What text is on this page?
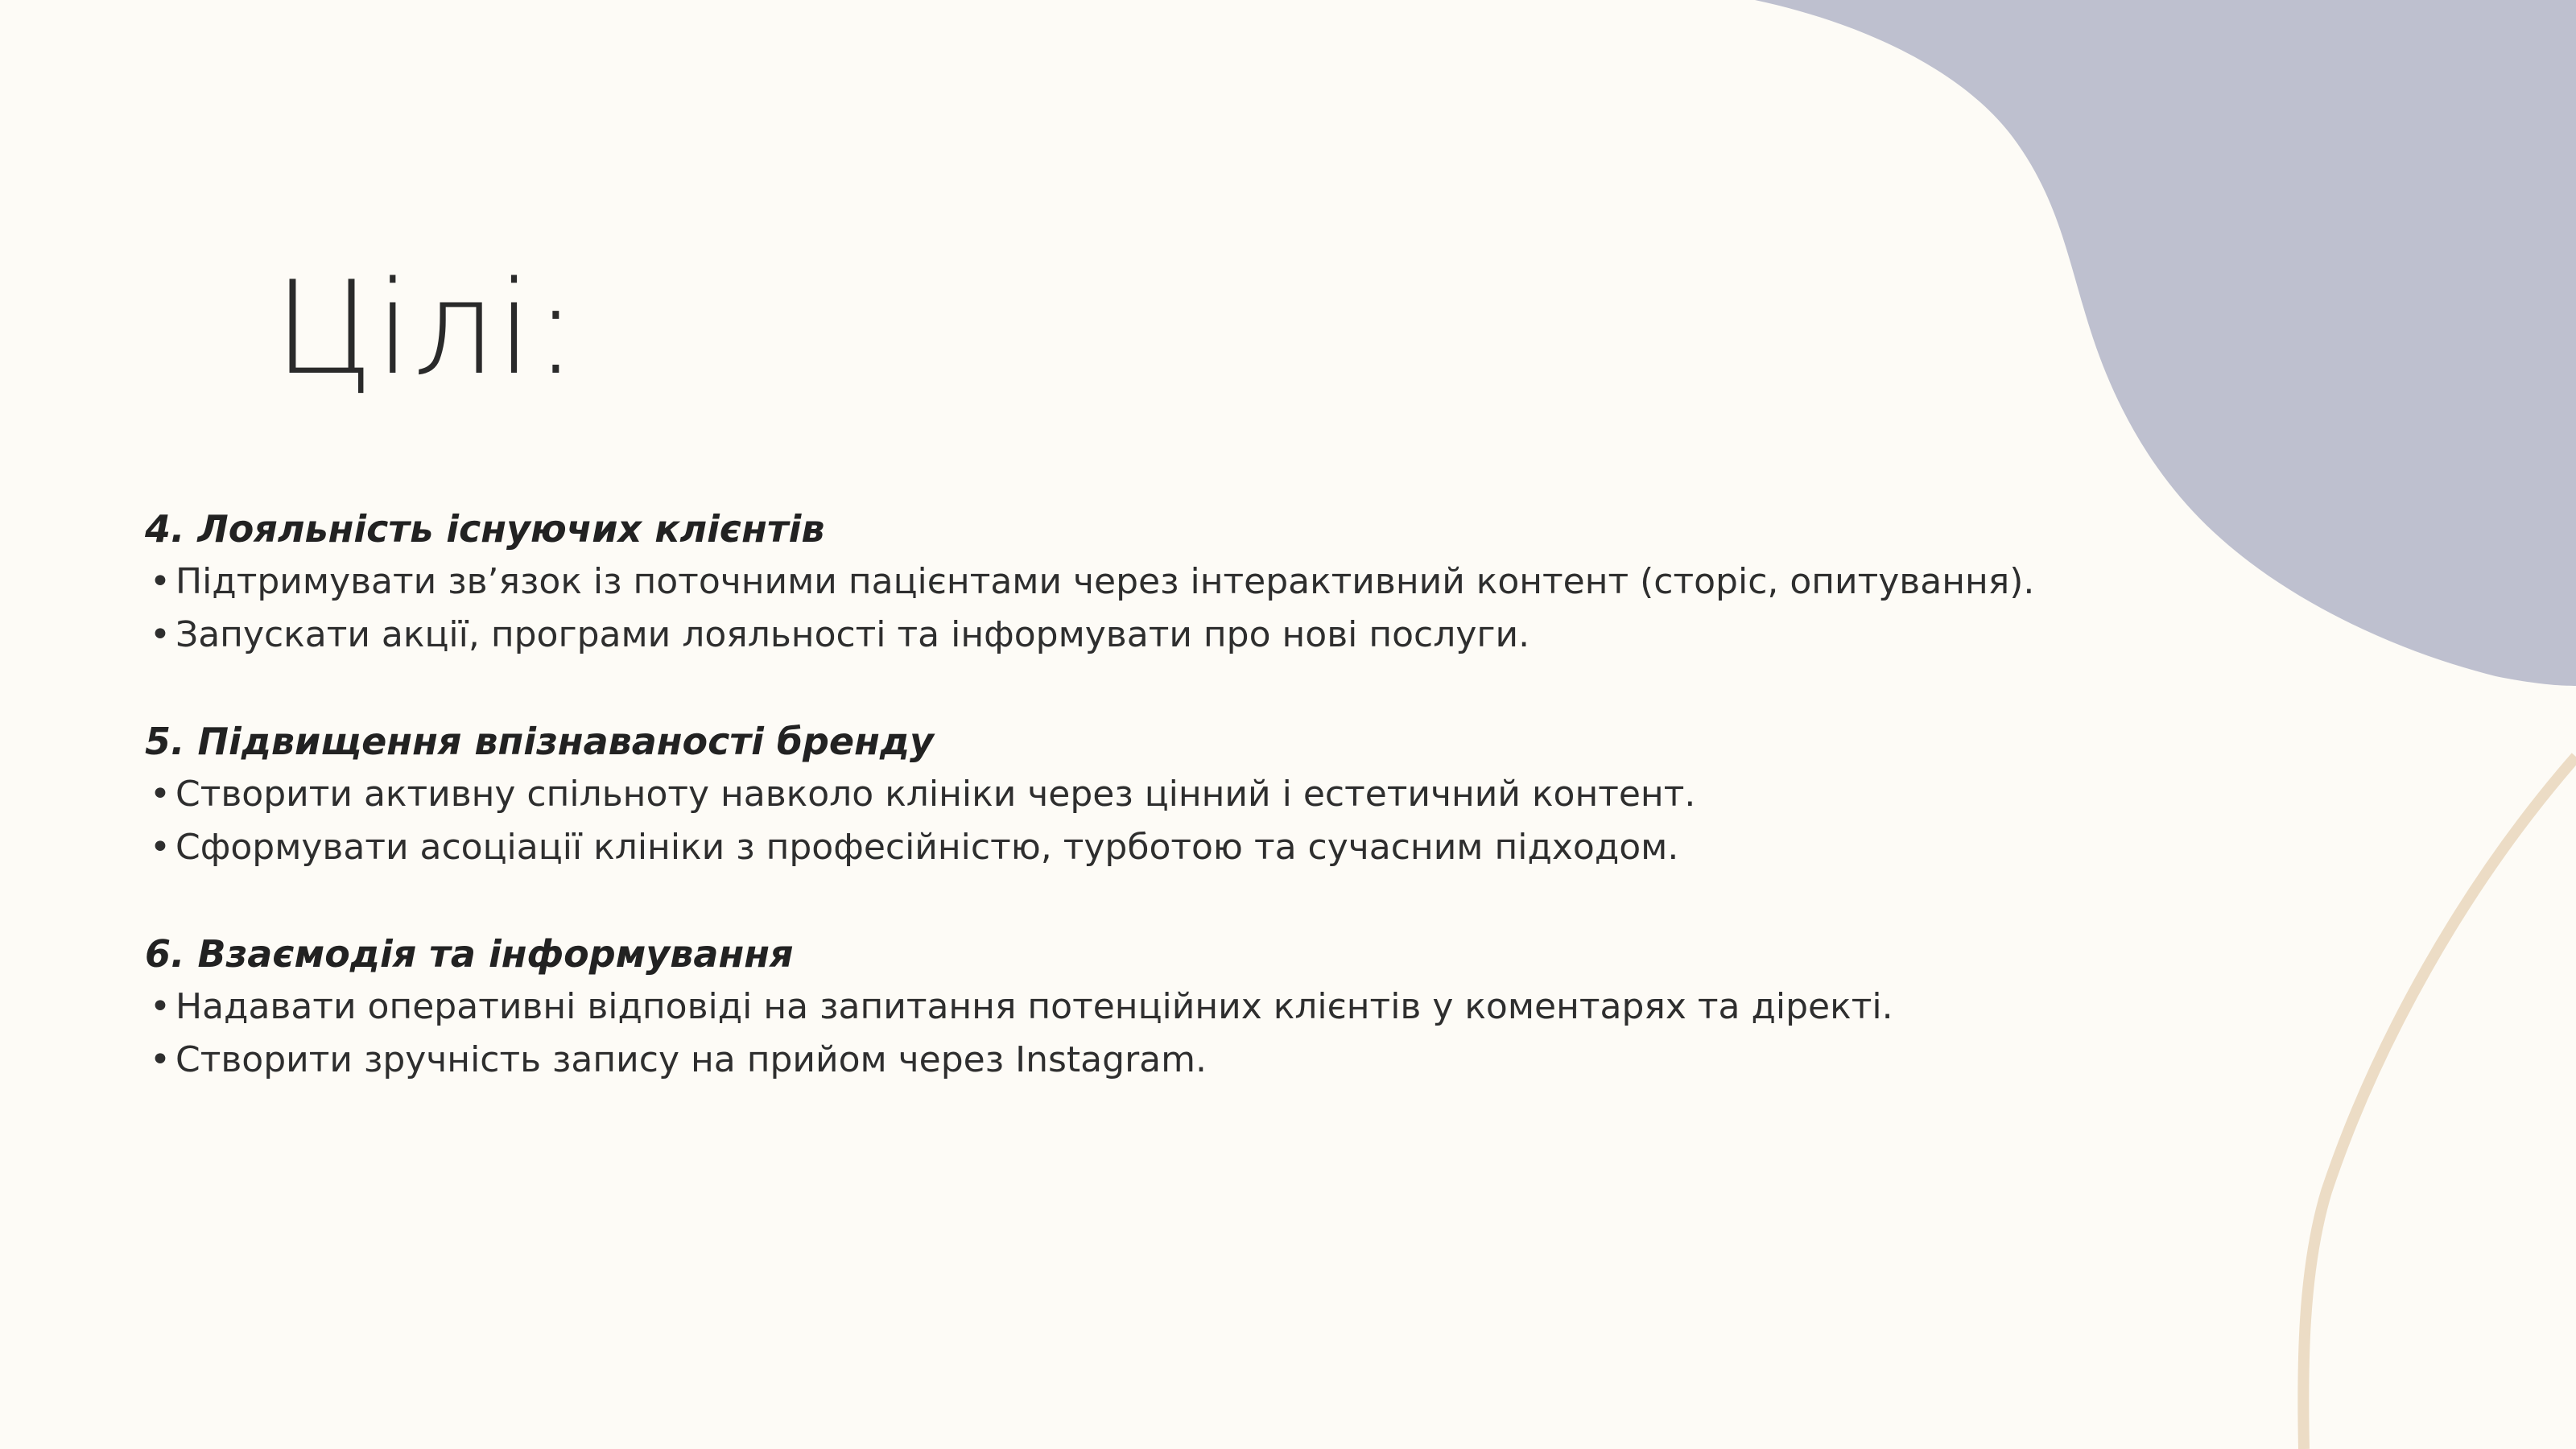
Цілі:
4. Лояльність існуючих клієнтів
• Підтримувати зв’язок із поточними пацієнтами через інтерактивний контент (сторіс, опитування).
• Запускати акції, програми лояльності та інформувати про нові послуги.
5. Підвищення впізнаваності бренду
• Створити активну спільноту навколо клініки через цінний і естетичний контент.
• Сформувати асоціації клініки з професійністю, турботою та сучасним підходом.
6. Взаємодія та інформування
• Надавати оперативні відповіді на запитання потенційних клієнтів у коментарях та діректі.
• Створити зручність запису на прийом через Instagram.
